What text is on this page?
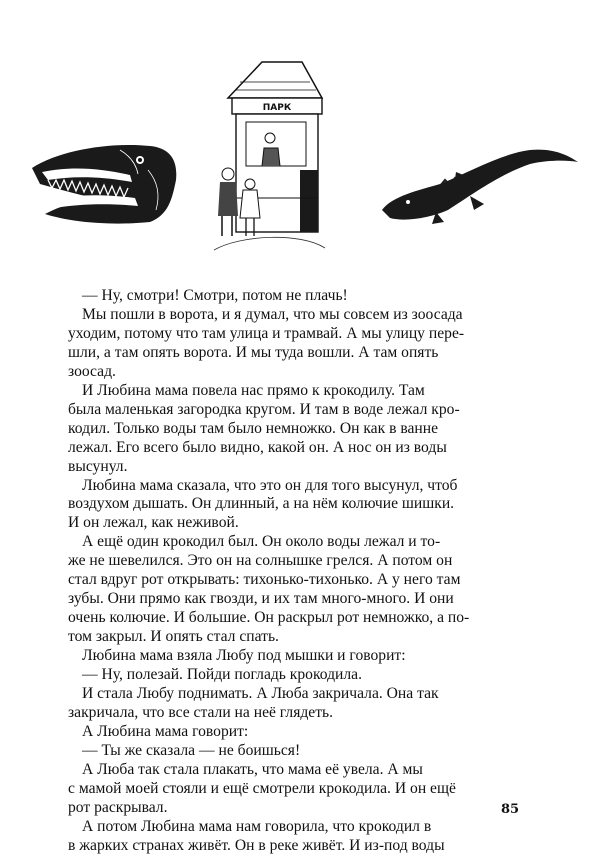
ПАРК

— Ну, смотри! Смотри, потом не плачь!

Мы пошли в ворота, и я думал, что мы совсем из зоосада
уходим, потому что там улица и трамвай. А мы улицу пере-
шли, а там опять ворота. И мы туда вошли. А там опять
зоосад.

И Любина мама повела нас прямо к крокодилу. Там
была маленькая загородка кругом. И там в воде лежал кро-
кодил. Только воды там было немножко. Он как в ванне
лежал. Его всего было видно, какой он. А нос он из воды
высунул.

Любина мама сказала, что это он для того высунул, чтоб
воздухом дышать. Он длинный, а на нём колючие шишки.
И он лежал, как неживой.

А ещё один крокодил был. Он около воды лежал и то-
же не шевелился. Это он на солнышке грелся. А потом он
стал вдруг рот открывать: тихонько-тихонько. А у него там
зубы. Они прямо как гвозди, и их там много-много. И они
очень колючие. И большие. Он раскрыл рот немножко, а по-
том закрыл. И опять стал спать.

Любина мама взяла Любу под мышки и говорит:

— Ну, полезай. Пойди погладь крокодила.

И стала Любу поднимать. А Люба закричала. Она так
закричала, что все стали на неё глядеть.

А Любина мама говорит:

— Ты же сказала — не боишься!

А Люба так стала плакать, что мама её увела. А мы
с мамой моей стояли и ещё смотрели крокодила. И он ещё
рот раскрывал.

А потом Любина мама нам говорила, что крокодил в
в жарких странах живёт. Он в реке живёт. И из-под воды

85
